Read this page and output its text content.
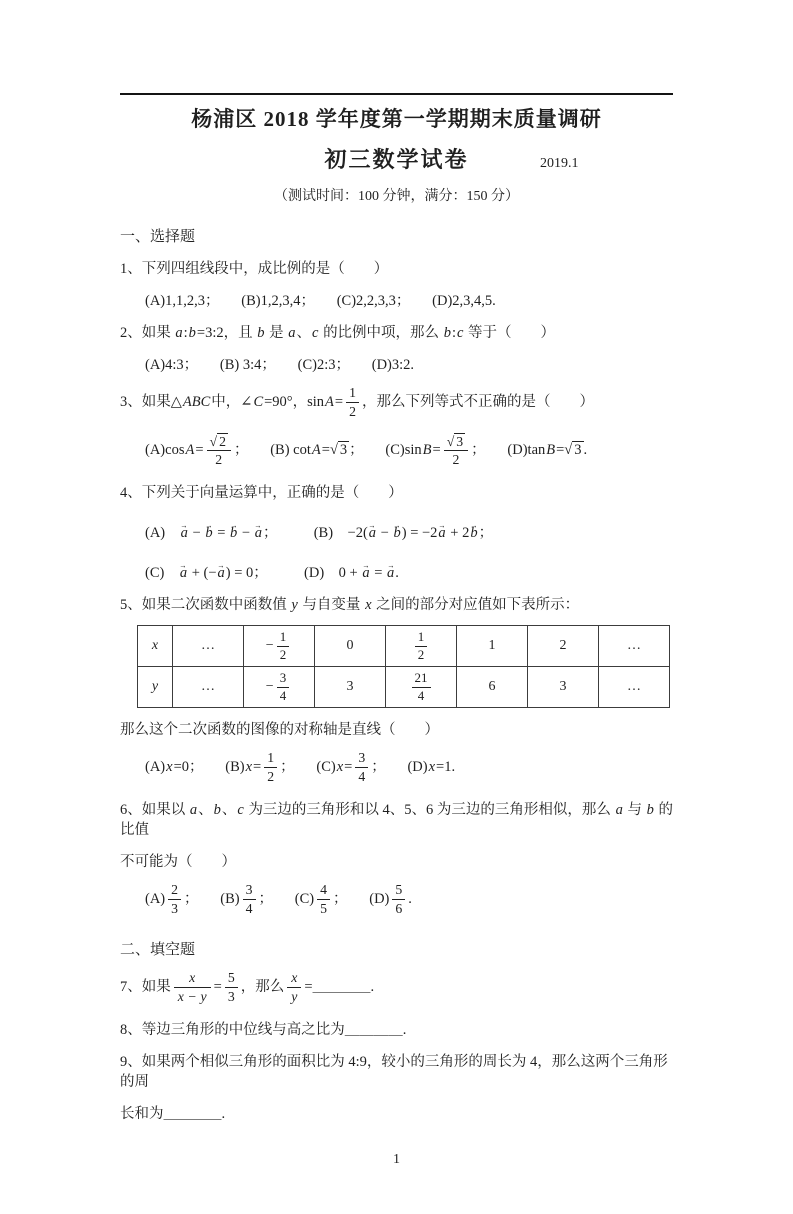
杨浦区 2018 学年度第一学期期末质量调研
初三数学试卷	2019.1
（测试时间：100 分钟，满分：150 分）
一、选择题
1、下列四组线段中，成比例的是（　　）
(A)1,1,2,3；　　(B)1,2,3,4；　　(C)2,2,3,3；　　(D)2,3,4,5.
2、如果 a:b=3:2，且 b 是 a、c 的比例中项，那么 b:c 等于（　　）
(A)4:3；　　(B) 3:4；　　(C)2:3；　　(D)3:2.
3、如果△ ABC 中，∠ C =90°，$\sin A = \frac{1}{2}$ ，那么下列等式不正确的是（　　）
(A)cos $A = \frac{√ 2}{2}$ ；　　(B) cot A = √ 3 ；　　(C)sin $B = \frac{√ 3}{2}$ ；　　(D)tan B = √ 3 .
4、下列关于向量运算中，正确的是（　　）
(A)　→ a − → b = → b − → a；　　　(B)　−2(→ a − → b) = −2→ a + 2→ b；
(C)　→ a + (−→ a) = 0；　　　(D)　0 + → a = → a.
5、如果二次函数中函数值 y 与自变量 x 之间的部分对应值如下表所示：
x	…	− $\frac{1}{2}$	0	$\frac{1}{2}$	1	2	…
y	…	− $\frac{3}{4}$	3	$\frac{21}{4}$	6	3	…
那么这个二次函数的图像的对称轴是直线（　　）
(A) x =0；　　(B) $x = \frac{1}{2}$ ；　　(C) $x = \frac{3}{4}$ ；　　(D) x =1.
6、如果以 a、b、c 为三边的三角形和以 4、5、6 为三边的三角形相似，那么 a 与 b 的比值
不可能为（　　）
$(A) \frac{2}{3}$ ；　　$(B) \frac{3}{4}$ ；　　$(C) \frac{4}{5}$ ；　　$(D) \frac{5}{6}$ .
二、填空题
7、如果 $\frac{x}{x - y} = \frac{5}{3}$ ，那么 $\frac{x}{y}$ =＿＿＿＿.
8、等边三角形的中位线与高之比为＿＿＿＿.
9、如果两个相似三角形的面积比为 4:9，较小的三角形的周长为 4，那么这两个三角形的周
长和为＿＿＿＿.
1
